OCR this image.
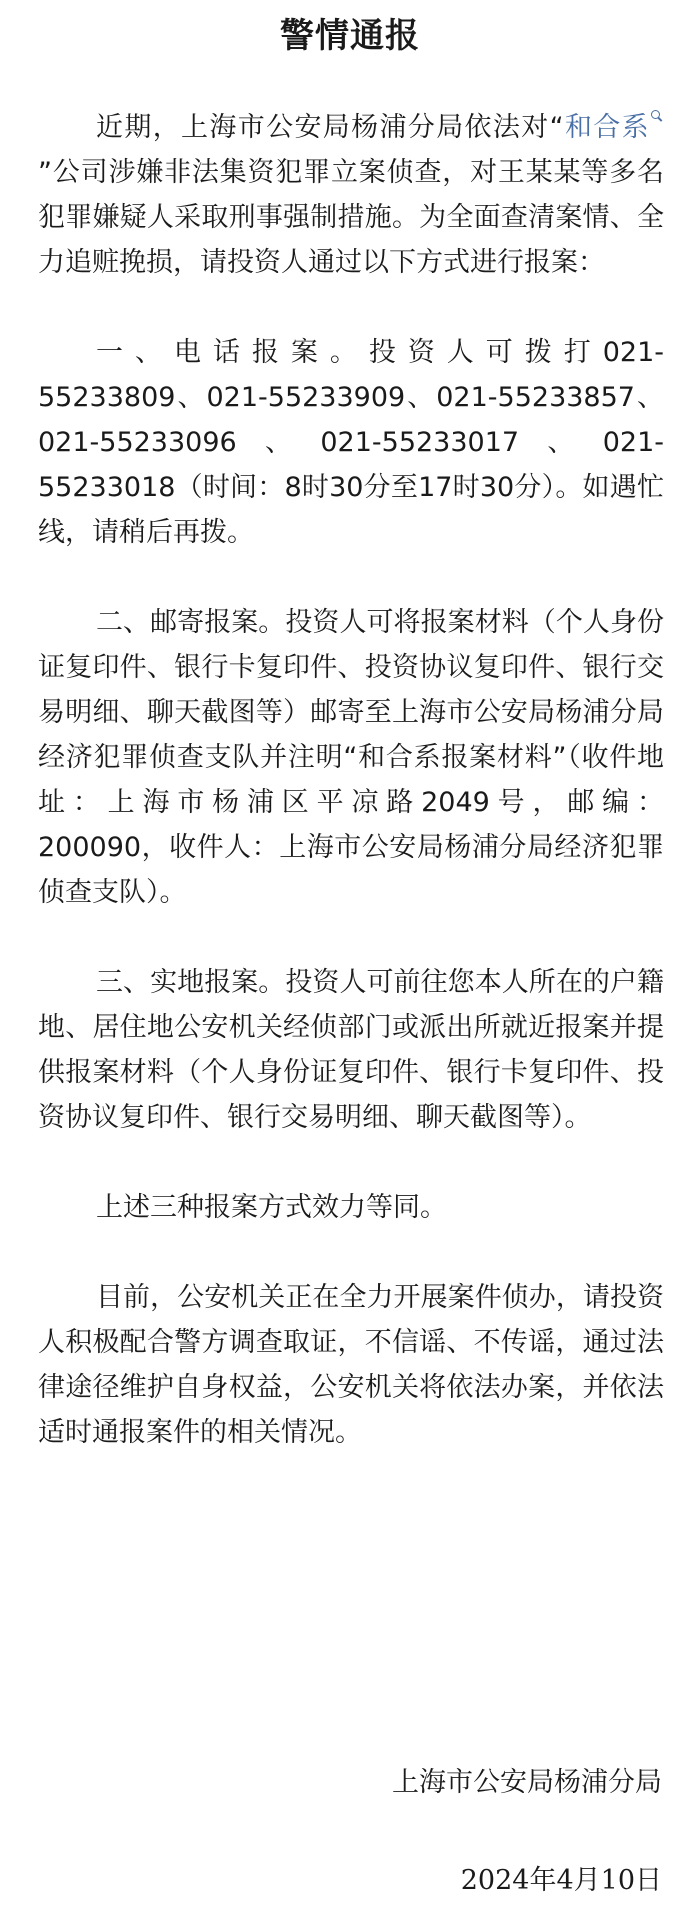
警情通报

近期，上海市公安局杨浦分局依法对“和合系”公司涉嫌非法集资犯罪立案侦查，对王某某等多名犯罪嫌疑人采取刑事强制措施。为全面查清案情、全力追赃挽损，请投资人通过以下方式进行报案：

一、电话报案。投资人可拨打021-55233809、021-55233909、021-55233857、021-55233096、021-55233017、021-55233018（时间：8时30分至17时30分）。如遇忙线，请稍后再拨。

二、邮寄报案。投资人可将报案材料（个人身份证复印件、银行卡复印件、投资协议复印件、银行交易明细、聊天截图等）邮寄至上海市公安局杨浦分局经济犯罪侦查支队并注明“和合系报案材料”（收件地址：上海市杨浦区平凉路2049号，邮编：200090，收件人：上海市公安局杨浦分局经济犯罪侦查支队）。

三、实地报案。投资人可前往您本人所在的户籍地、居住地公安机关经侦部门或派出所就近报案并提供报案材料（个人身份证复印件、银行卡复印件、投资协议复印件、银行交易明细、聊天截图等）。

上述三种报案方式效力等同。

目前，公安机关正在全力开展案件侦办，请投资人积极配合警方调查取证，不信谣、不传谣，通过法律途径维护自身权益，公安机关将依法办案，并依法适时通报案件的相关情况。

上海市公安局杨浦分局
2024年4月10日
